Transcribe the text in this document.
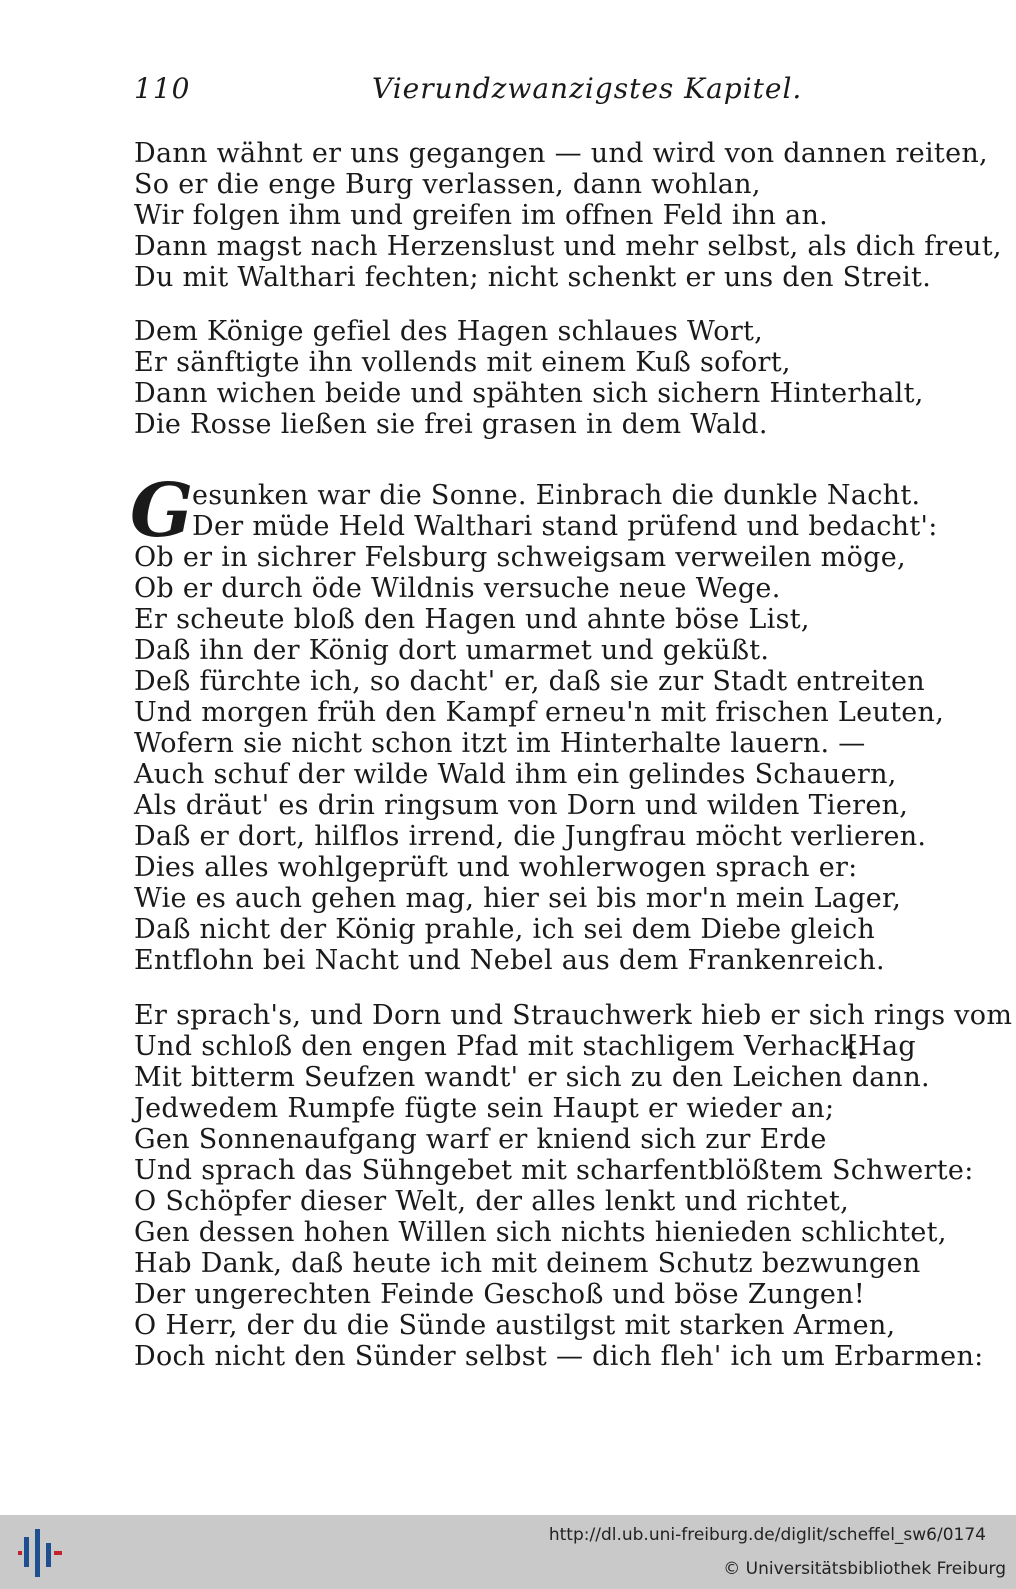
110	Vierundzwanzigstes Kapitel.
Dann wähnt er uns gegangen — und wird von dannen reiten,
So er die enge Burg verlassen, dann wohlan,
Wir folgen ihm und greifen im offnen Feld ihn an.
Dann magst nach Herzenslust und mehr selbst, als dich freut,
Du mit Walthari fechten; nicht schenkt er uns den Streit.
Dem Könige gefiel des Hagen schlaues Wort,
Er sänftigte ihn vollends mit einem Kuß sofort,
Dann wichen beide und spähten sich sichern Hinterhalt,
Die Rosse ließen sie frei grasen in dem Wald.
G
esunken war die Sonne. Einbrach die dunkle Nacht.
Der müde Held Walthari stand prüfend und bedacht':
Ob er in sichrer Felsburg schweigsam verweilen möge,
Ob er durch öde Wildnis versuche neue Wege.
Er scheute bloß den Hagen und ahnte böse List,
Daß ihn der König dort umarmet und geküßt.
Deß fürchte ich, so dacht' er, daß sie zur Stadt entreiten
Und morgen früh den Kampf erneu'n mit frischen Leuten,
Wofern sie nicht schon itzt im Hinterhalte lauern. —
Auch schuf der wilde Wald ihm ein gelindes Schauern,
Als dräut' es drin ringsum von Dorn und wilden Tieren,
Daß er dort, hilflos irrend, die Jungfrau möcht verlieren.
Dies alles wohlgeprüft und wohlerwogen sprach er:
Wie es auch gehen mag, hier sei bis mor'n mein Lager,
Daß nicht der König prahle, ich sei dem Diebe gleich
Entflohn bei Nacht und Nebel aus dem Frankenreich.
Er sprach's, und Dorn und Strauchwerk hieb er sich rings vom
Und schloß den engen Pfad mit stachligem Verhack.
[Hag
Mit bitterm Seufzen wandt' er sich zu den Leichen dann.
Jedwedem Rumpfe fügte sein Haupt er wieder an;
Gen Sonnenaufgang warf er kniend sich zur Erde
Und sprach das Sühngebet mit scharfentblößtem Schwerte:
O Schöpfer dieser Welt, der alles lenkt und richtet,
Gen dessen hohen Willen sich nichts hienieden schlichtet,
Hab Dank, daß heute ich mit deinem Schutz bezwungen
Der ungerechten Feinde Geschoß und böse Zungen!
O Herr, der du die Sünde austilgst mit starken Armen,
Doch nicht den Sünder selbst — dich fleh' ich um Erbarmen:
http://dl.ub.uni-freiburg.de/diglit/scheffel_sw6/0174
© Universitätsbibliothek Freiburg
